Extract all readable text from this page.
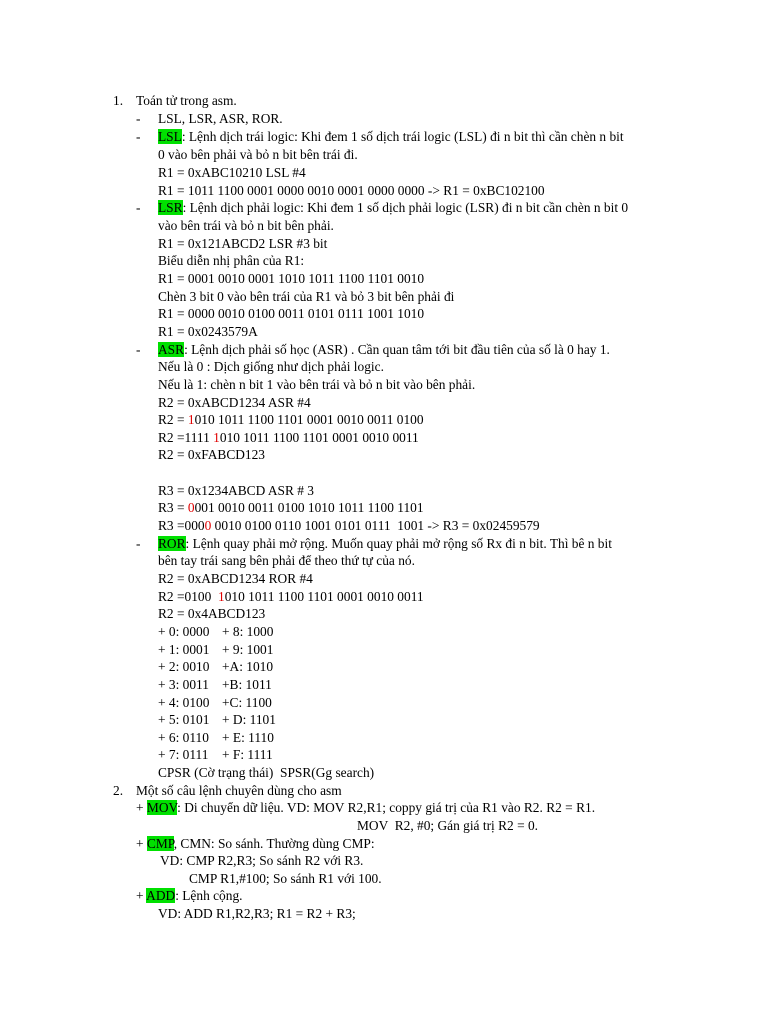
1. Toán tử trong asm.
- LSL, LSR, ASR, ROR.
- LSL: Lệnh dịch trái logic: Khi đem 1 số dịch trái logic (LSL) đi n bit thì cần chèn n bit
0 vào bên phải và bỏ n bit bên trái đi.
R1 = 0xABC10210 LSL #4
R1 = 1011 1100 0001 0000 0010 0001 0000 0000 -> R1 = 0xBC102100
- LSR: Lệnh dịch phải logic: Khi đem 1 số dịch phải logic (LSR) đi n bit cần chèn n bit 0
vào bên trái và bỏ n bit bên phải.
R1 = 0x121ABCD2 LSR #3 bit
Biểu diễn nhị phân của R1:
R1 = 0001 0010 0001 1010 1011 1100 1101 0010
Chèn 3 bit 0 vào bên trái của R1 và bỏ 3 bit bên phải đi
R1 = 0000 0010 0100 0011 0101 0111 1001 1010
R1 = 0x0243579A
- ASR: Lệnh dịch phải số học (ASR) . Cần quan tâm tới bit đầu tiên của số là 0 hay 1.
Nếu là 0 : Dịch giống như dịch phải logic.
Nếu là 1: chèn n bit 1 vào bên trái và bỏ n bit vào bên phải.
R2 = 0xABCD1234 ASR #4
R2 = 1010 1011 1100 1101 0001 0010 0011 0100
R2 =1111 1010 1011 1100 1101 0001 0010 0011
R2 = 0xFABCD123
R3 = 0x1234ABCD ASR # 3
R3 = 0001 0010 0011 0100 1010 1011 1100 1101
R3 =0000 0010 0100 0110 1001 0101 0111  1001 -> R3 = 0x02459579
- ROR: Lệnh quay phải mở rộng. Muốn quay phải mở rộng số Rx đi n bit. Thì bê n bit
bên tay trái sang bên phải để theo thứ tự của nó.
R2 = 0xABCD1234 ROR #4
R2 =0100  1010 1011 1100 1101 0001 0010 0011
R2 = 0x4ABCD123
+ 0: 0000 + 8: 1000
+ 1: 0001 + 9: 1001
+ 2: 0010 +A: 1010
+ 3: 0011 +B: 1011
+ 4: 0100 +C: 1100
+ 5: 0101 + D: 1101
+ 6: 0110 + E: 1110
+ 7: 0111 + F: 1111
CPSR (Cờ trạng thái)  SPSR(Gg search)
2. Một số câu lệnh chuyên dùng cho asm
+ MOV: Di chuyển dữ liệu. VD: MOV R2,R1; coppy giá trị của R1 vào R2. R2 = R1.
MOV  R2, #0; Gán giá trị R2 = 0.
+ CMP, CMN: So sánh. Thường dùng CMP:
VD: CMP R2,R3; So sánh R2 với R3.
CMP R1,#100; So sánh R1 với 100.
+ ADD: Lệnh cộng.
VD: ADD R1,R2,R3; R1 = R2 + R3;
